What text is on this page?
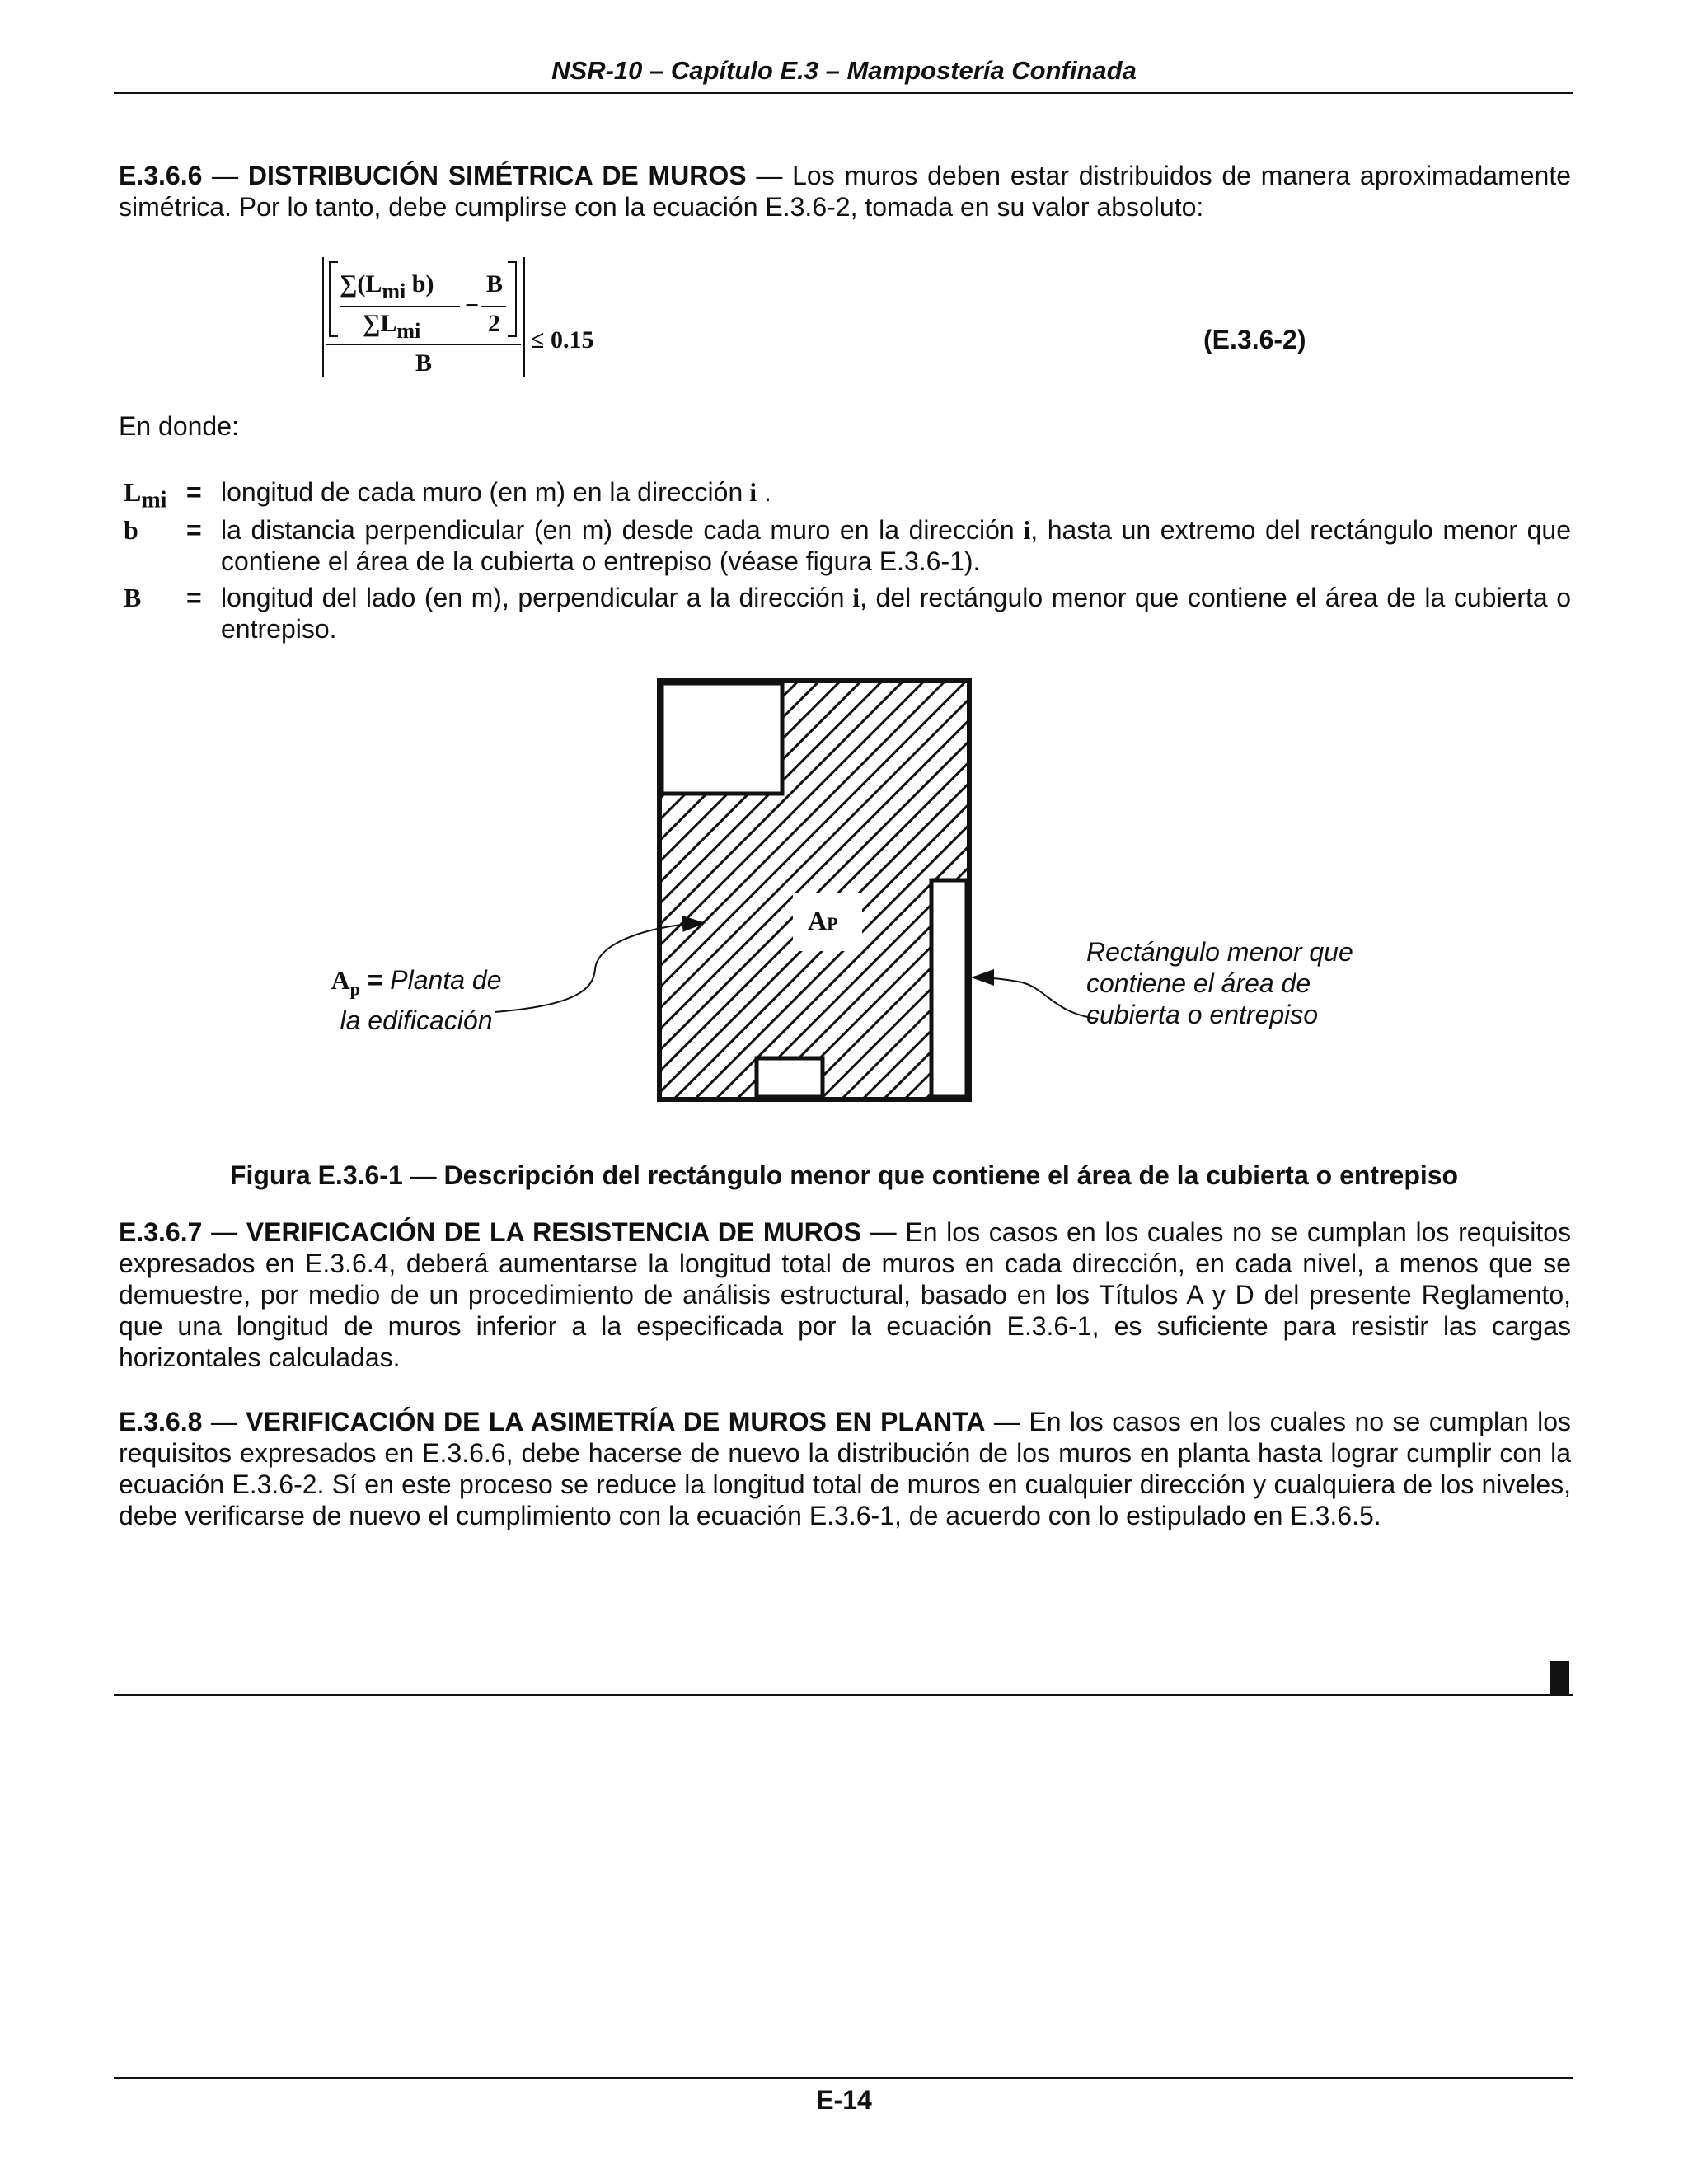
NSR-10 – Capítulo E.3 – Mampostería Confinada
E.3.6.6 — DISTRIBUCIÓN SIMÉTRICA DE MUROS — Los muros deben estar distribuidos de manera aproximadamente simétrica. Por lo tanto, debe cumplirse con la ecuación E.3.6-2, tomada en su valor absoluto:
∑(Lmi b)
∑Lmi
−
B
2
B
≤ 0.15	(E.3.6-2)
En donde:
$L_{mi}$ = longitud de cada muro (en m) en la dirección i .
b = la distancia perpendicular (en m) desde cada muro en la dirección i, hasta un extremo del rectángulo menor que contiene el área de la cubierta o entrepiso (véase figura E.3.6-1).
B = longitud del lado (en m), perpendicular a la dirección i, del rectángulo menor que contiene el área de la cubierta o entrepiso.
AP
$A_p$ = Planta de
la edificación
Rectángulo menor que
contiene el área de
cubierta o entrepiso
Figura E.3.6-1 — Descripción del rectángulo menor que contiene el área de la cubierta o entrepiso
E.3.6.7 — VERIFICACIÓN DE LA RESISTENCIA DE MUROS — En los casos en los cuales no se cumplan los requisitos expresados en E.3.6.4, deberá aumentarse la longitud total de muros en cada dirección, en cada nivel, a menos que se demuestre, por medio de un procedimiento de análisis estructural, basado en los Títulos A y D del presente Reglamento, que una longitud de muros inferior a la especificada por la ecuación E.3.6-1, es suficiente para resistir las cargas horizontales calculadas.
E.3.6.8 — VERIFICACIÓN DE LA ASIMETRÍA DE MUROS EN PLANTA — En los casos en los cuales no se cumplan los requisitos expresados en E.3.6.6, debe hacerse de nuevo la distribución de los muros en planta hasta lograr cumplir con la ecuación E.3.6-2. Sí en este proceso se reduce la longitud total de muros en cualquier dirección y cualquiera de los niveles, debe verificarse de nuevo el cumplimiento con la ecuación E.3.6-1, de acuerdo con lo estipulado en E.3.6.5.
E-14
